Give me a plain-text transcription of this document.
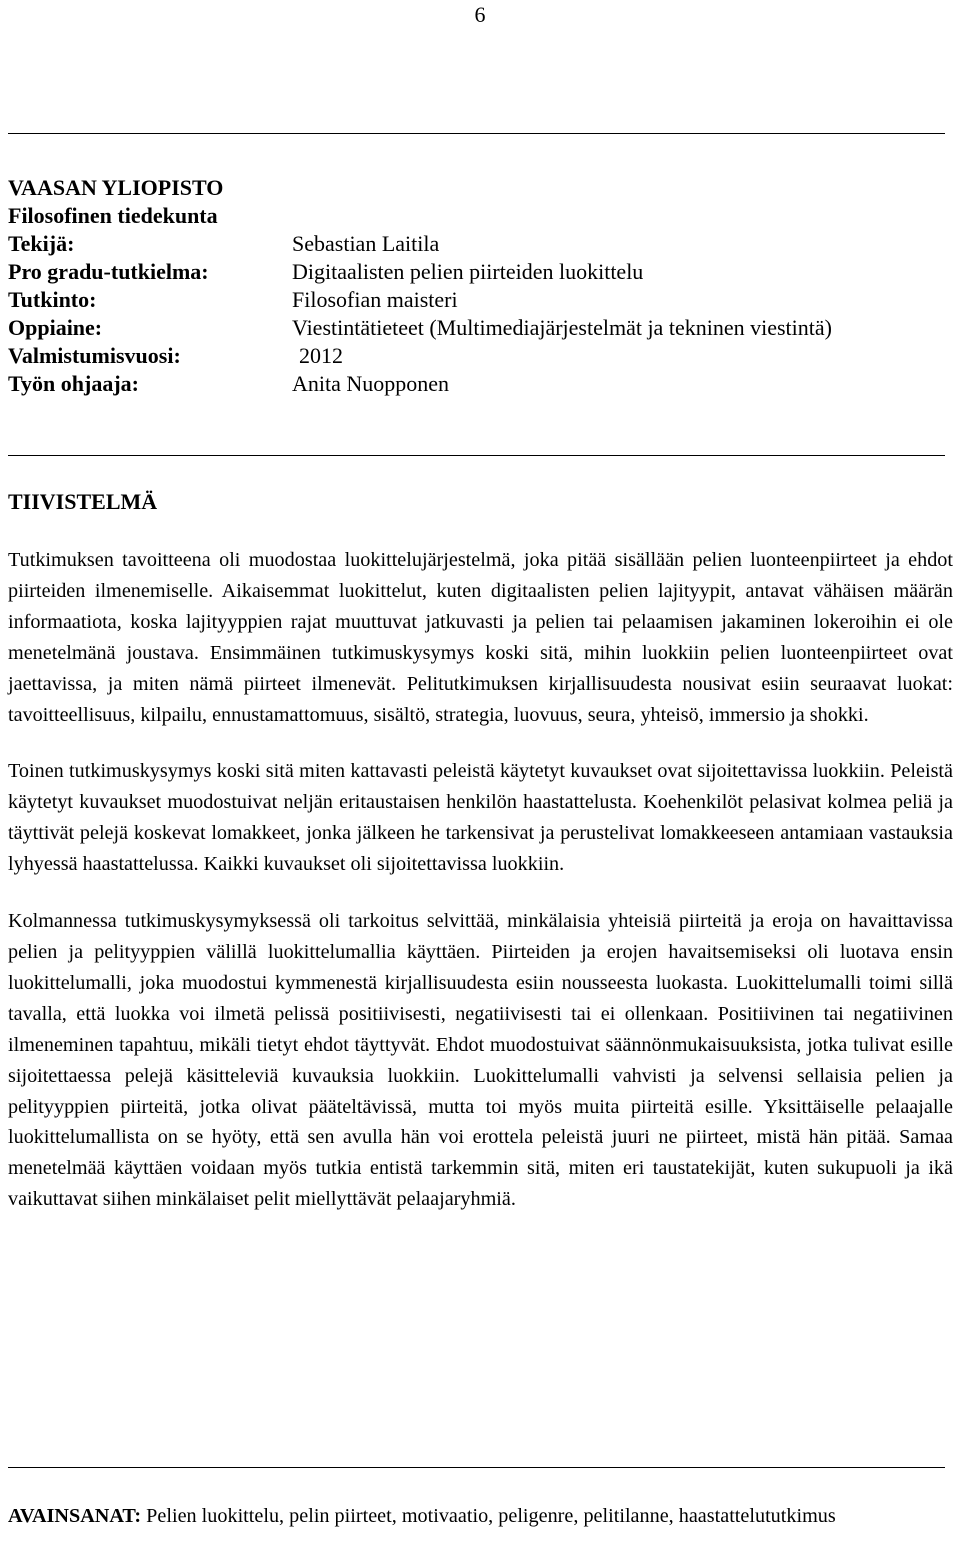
6
VAASAN YLIOPISTO
Filosofinen tiedekunta
Tekijä:	Sebastian Laitila
Pro gradu-tutkielma:	Digitaalisten pelien piirteiden luokittelu
Tutkinto:	Filosofian maisteri
Oppiaine:	Viestintätieteet (Multimediajärjestelmät ja tekninen viestintä)
Valmistumisvuosi:	2012
Työn ohjaaja:	Anita Nuopponen
TIIVISTELMÄ

Tutkimuksen tavoitteena oli muodostaa luokittelujärjestelmä, joka pitää sisällään pelien luonteenpiirteet ja ehdot piirteiden ilmenemiselle. Aikaisemmat luokittelut, kuten digitaalisten pelien lajityypit, antavat vähäisen määrän informaatiota, koska lajityyppien rajat muuttuvat jatkuvasti ja pelien tai pelaamisen jakaminen lokeroihin ei ole menetelmänä joustava. Ensimmäinen tutkimuskysymys koski sitä, mihin luokkiin pelien luonteenpiirteet ovat jaettavissa, ja miten nämä piirteet ilmenevät. Pelitutkimuksen kirjallisuudesta nousivat esiin seuraavat luokat: tavoitteellisuus, kilpailu, ennustamattomuus, sisältö, strategia, luovuus, seura, yhteisö, immersio ja shokki.

Toinen tutkimuskysymys koski sitä miten kattavasti peleistä käytetyt kuvaukset ovat sijoitettavissa luokkiin. Peleistä käytetyt kuvaukset muodostuivat neljän eritaustaisen henkilön haastattelusta. Koehenkilöt pelasivat kolmea peliä ja täyttivät pelejä koskevat lomakkeet, jonka jälkeen he tarkensivat ja perustelivat lomakkeeseen antamiaan vastauksia lyhyessä haastattelussa. Kaikki kuvaukset oli sijoitettavissa luokkiin.

Kolmannessa tutkimuskysymyksessä oli tarkoitus selvittää, minkälaisia yhteisiä piirteitä ja eroja on havaittavissa pelien ja pelityyppien välillä luokittelumallia käyttäen. Piirteiden ja erojen havaitsemiseksi oli luotava ensin luokittelumalli, joka muodostui kymmenestä kirjallisuudesta esiin nousseesta luokasta. Luokittelumalli toimi sillä tavalla, että luokka voi ilmetä pelissä positiivisesti, negatiivisesti tai ei ollenkaan. Positiivinen tai negatiivinen ilmeneminen tapahtuu, mikäli tietyt ehdot täyttyvät. Ehdot muodostuivat säännönmukaisuuksista, jotka tulivat esille sijoitettaessa pelejä käsitteleviä kuvauksia luokkiin. Luokittelumalli vahvisti ja selvensi sellaisia pelien ja pelityyppien piirteitä, jotka olivat pääteltävissä, mutta toi myös muita piirteitä esille. Yksittäiselle pelaajalle luokittelumallista on se hyöty, että sen avulla hän voi erottela peleistä juuri ne piirteet, mistä hän pitää. Samaa menetelmää käyttäen voidaan myös tutkia entistä tarkemmin sitä, miten eri taustatekijät, kuten sukupuoli ja ikä vaikuttavat siihen minkälaiset pelit miellyttävät pelaajaryhmiä.

AVAINSANAT: Pelien luokittelu, pelin piirteet, motivaatio, peligenre, pelitilanne, haastattelututkimus
